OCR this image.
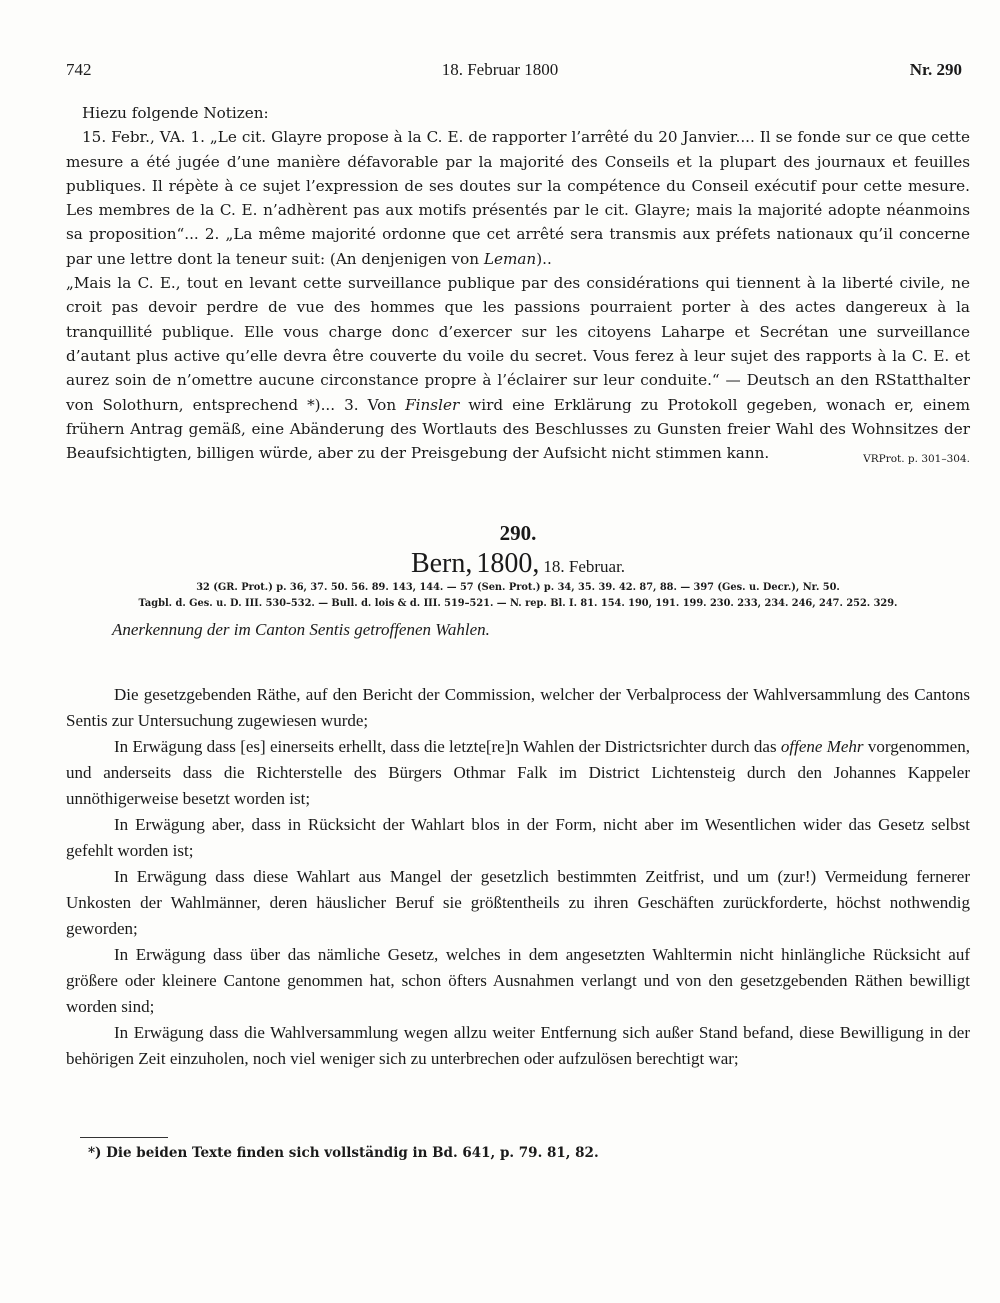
742	18. Februar 1800	Nr. 290

Hiezu folgende Notizen:

15. Febr., VA. 1. „Le cit. Glayre propose à la C. E. de rapporter l’arrêté du 20 Janvier.... Il se fonde sur ce que cette mesure a été jugée d’une manière défavorable par la majorité des Conseils et la plupart des journaux et feuilles publiques. Il répète à ce sujet l’expression de ses doutes sur la compétence du Conseil exécutif pour cette mesure. Les membres de la C. E. n’adhèrent pas aux motifs présentés par le cit. Glayre; mais la majorité adopte néanmoins sa proposition“... 2. „La même majorité ordonne que cet arrêté sera transmis aux préfets nationaux qu’il concerne par une lettre dont la teneur suit: (An denjenigen von Leman)..

„Mais la C. E., tout en levant cette surveillance publique par des considérations qui tiennent à la liberté civile, ne croit pas devoir perdre de vue des hommes que les passions pourraient porter à des actes dangereux à la tranquillité publique. Elle vous charge donc d’exercer sur les citoyens Laharpe et Secrétan une surveillance d’autant plus active qu’elle devra être couverte du voile du secret. Vous ferez à leur sujet des rapports à la C. E. et aurez soin de n’omettre aucune circonstance propre à l’éclairer sur leur conduite.“ — Deutsch an den RStatthalter von Solothurn, entsprechend *)... 3. Von Finsler wird eine Erklärung zu Protokoll gegeben, wonach er, einem frühern Antrag gemäß, eine Abänderung des Wortlauts des Beschlusses zu Gunsten freier Wahl des Wohnsitzes der Beaufsichtigten, billigen würde, aber zu der Preisgebung der Aufsicht nicht stimmen kann.	VRProt. p. 301–304.

290.

Bern, 1800, 18. Februar.

32 (GR. Prot.) p. 36, 37. 50. 56. 89. 143, 144. — 57 (Sen. Prot.) p. 34, 35. 39. 42. 87, 88. — 397 (Ges. u. Decr.), Nr. 50.

Tagbl. d. Ges. u. D. III. 530–532. — Bull. d. lois & d. III. 519–521. — N. rep. Bl. I. 81. 154. 190, 191. 199. 230. 233, 234. 246, 247. 252. 329.

Anerkennung der im Canton Sentis getroffenen Wahlen.

Die gesetzgebenden Räthe, auf den Bericht der Commission, welcher der Verbalprocess der Wahlversammlung des Cantons Sentis zur Untersuchung zugewiesen wurde;

In Erwägung dass [es] einerseits erhellt, dass die letzte[re]n Wahlen der Districtsrichter durch das offene Mehr vorgenommen, und anderseits dass die Richterstelle des Bürgers Othmar Falk im District Lichtensteig durch den Johannes Kappeler unnöthigerweise besetzt worden ist;

In Erwägung aber, dass in Rücksicht der Wahlart blos in der Form, nicht aber im Wesentlichen wider das Gesetz selbst gefehlt worden ist;

In Erwägung dass diese Wahlart aus Mangel der gesetzlich bestimmten Zeitfrist, und um (zur!) Vermeidung fernerer Unkosten der Wahlmänner, deren häuslicher Beruf sie größtentheils zu ihren Geschäften zurückforderte, höchst nothwendig geworden;

In Erwägung dass über das nämliche Gesetz, welches in dem angesetzten Wahltermin nicht hinlängliche Rücksicht auf größere oder kleinere Cantone genommen hat, schon öfters Ausnahmen verlangt und von den gesetzgebenden Räthen bewilligt worden sind;

In Erwägung dass die Wahlversammlung wegen allzu weiter Entfernung sich außer Stand befand, diese Bewilligung in der behörigen Zeit einzuholen, noch viel weniger sich zu unterbrechen oder aufzulösen berechtigt war;

*) Die beiden Texte finden sich vollständig in Bd. 641, p. 79. 81, 82.
